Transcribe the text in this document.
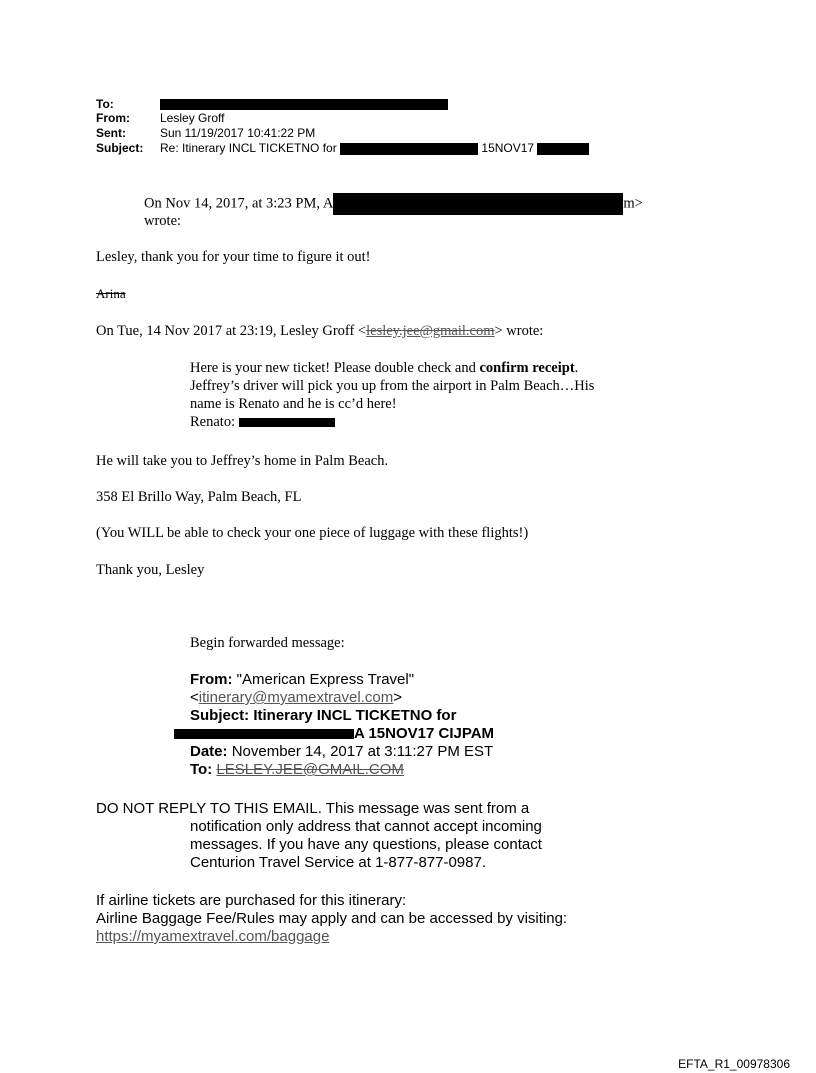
To:
From:	Lesley Groff
Sent:	Sun 11/19/2017 10:41:22 PM
Subject: Re: Itinerary INCL TICKETNO for	15NOV17
On Nov 14, 2017, at 3:23 PM, A	m>
wrote:
Lesley, thank you for your time to figure it out!
Arina
On Tue, 14 Nov 2017 at 23:19, Lesley Groff <lesley.jee@gmail.com> wrote:
Here is your new ticket! Please double check and confirm receipt.
Jeffrey’s driver will pick you up from the airport in Palm Beach…His
name is Renato and he is cc’d here!
Renato:
He will take you to Jeffrey’s home in Palm Beach.
358 El Brillo Way, Palm Beach, FL
(You WILL be able to check your one piece of luggage with these flights!)
Thank you, Lesley
Begin forwarded message:
From: "American Express Travel"
<itinerary@myamextravel.com>
Subject: Itinerary INCL TICKETNO for
A 15NOV17 CIJPAM
Date: November 14, 2017 at 3:11:27 PM EST
To: LESLEY.JEE@GMAIL.COM
DO NOT REPLY TO THIS EMAIL. This message was sent from a
notification only address that cannot accept incoming
messages. If you have any questions, please contact
Centurion Travel Service at 1-877-877-0987.
If airline tickets are purchased for this itinerary:
Airline Baggage Fee/Rules may apply and can be accessed by visiting:
https://myamextravel.com/baggage
EFTA_R1_00978306
